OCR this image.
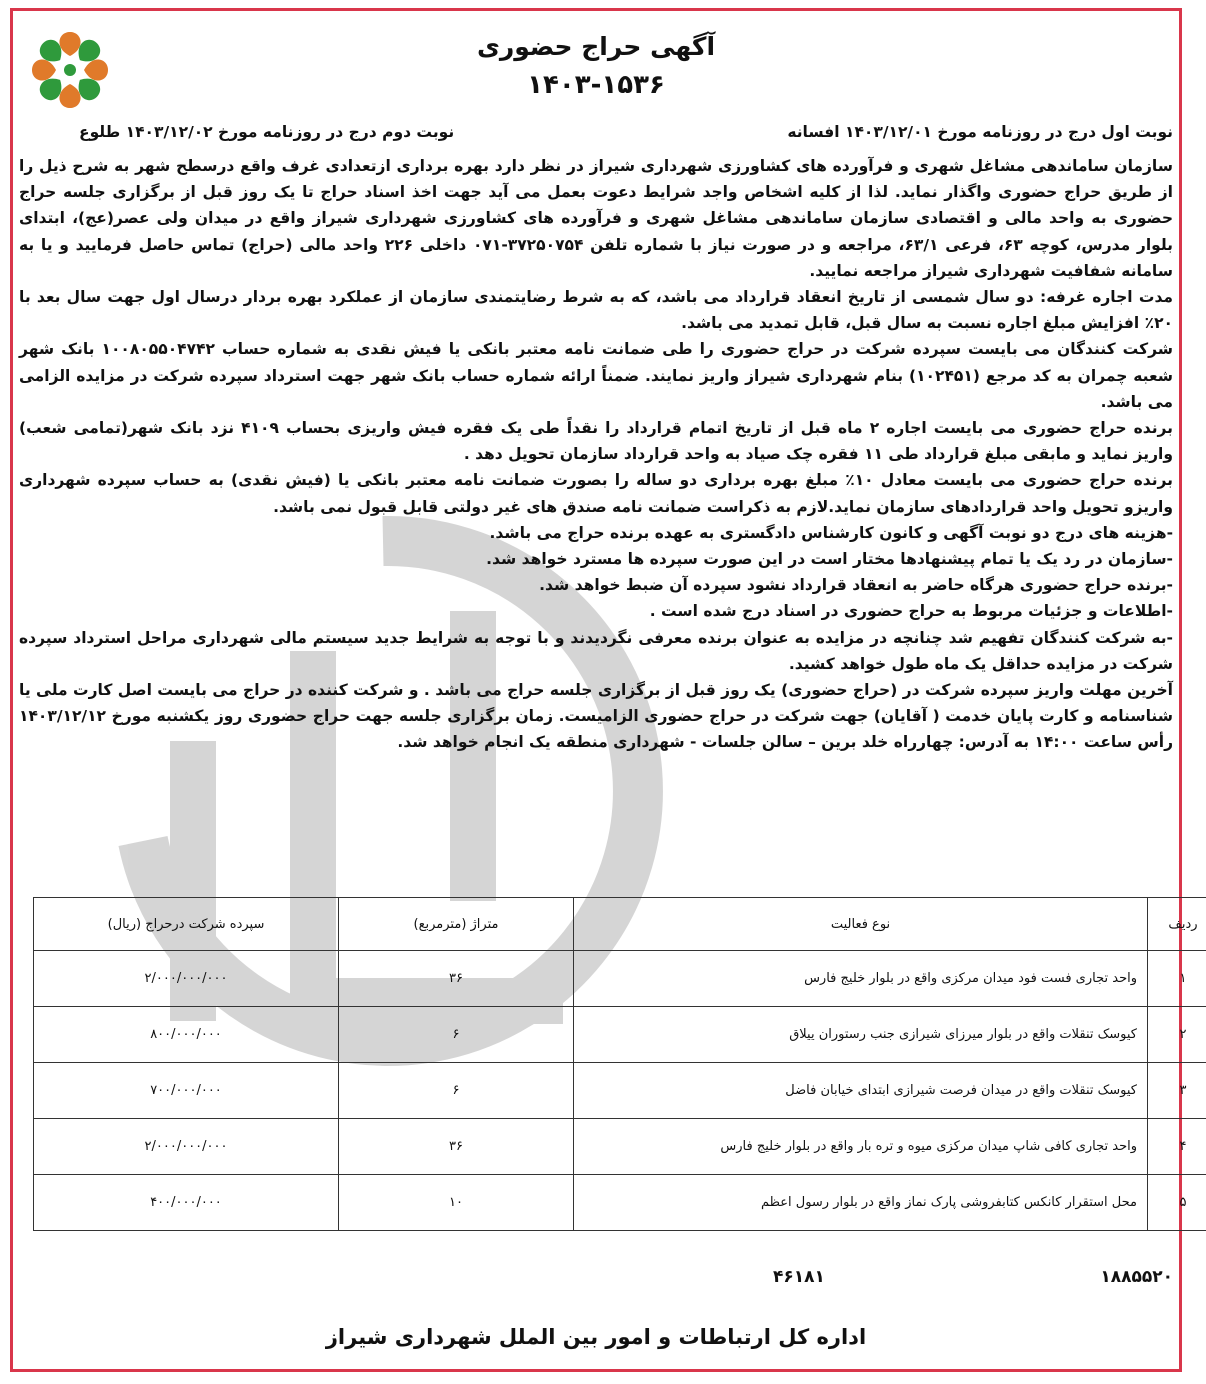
آگهی حراج حضوری
۱۴۰۳-۱۵۳۶
نوبت اول درج در روزنامه مورخ ۱۴۰۳/۱۲/۰۱ افسانه
نوبت دوم درج در روزنامه مورخ ۱۴۰۳/۱۲/۰۲ طلوع

سازمان ساماندهی مشاغل شهری و فرآورده های کشاورزی شهرداری شیراز در نظر دارد بهره برداری ازتعدادی غرف واقع درسطح شهر به شرح ذیل را از طریق حراج حضوری واگذار نماید. لذا از کلیه اشخاص واجد شرایط دعوت بعمل می آید جهت اخذ اسناد حراج تا یک روز قبل از برگزاری جلسه حراج حضوری به واحد مالی و اقتصادی سازمان ساماندهی مشاغل شهری و فرآورده های کشاورزی شهرداری شیراز واقع در میدان ولی عصر(عج)، ابتدای بلوار مدرس، کوچه ۶۳، فرعی ۶۳/۱، مراجعه و در صورت نیاز با شماره تلفن ۳۷۲۵۰۷۵۴-۰۷۱ داخلی ۲۲۶ واحد مالی (حراج) تماس حاصل فرمایید و یا به سامانه شفافیت شهرداری شیراز مراجعه نمایید.

مدت اجاره غرفه: دو سال شمسی از تاریخ انعقاد قرارداد می باشد، که به شرط رضایتمندی سازمان از عملکرد بهره بردار درسال اول جهت سال بعد با ۲۰٪ افزایش مبلغ اجاره نسبت به سال قبل، قابل تمدید می باشد.

شرکت کنندگان می بایست سپرده شرکت در حراج حضوری را طی ضمانت نامه معتبر بانکی یا فیش نقدی به شماره حساب ۱۰۰۸۰۵۵۰۴۷۴۲ بانک شهر شعبه چمران به کد مرجع (۱۰۲۴۵۱) بنام شهرداری شیراز واریز نمایند. ضمناً ارائه شماره حساب بانک شهر جهت استرداد سپرده شرکت در مزایده الزامی می باشد.

برنده حراج حضوری می بایست اجاره ۲ ماه قبل از تاریخ اتمام قرارداد را نقداً طی یک فقره فیش واریزی بحساب ۴۱۰۹ نزد بانک شهر(تمامی شعب) واریز نماید و مابقی مبلغ قرارداد طی ۱۱ فقره چک صیاد به واحد قرارداد سازمان تحویل دهد .

برنده حراج حضوری می بایست معادل ۱۰٪ مبلغ بهره برداری دو ساله را بصورت ضمانت نامه معتبر بانکی یا (فیش نقدی) به حساب سپرده شهرداری واریزو تحویل واحد قراردادهای سازمان نماید.لازم به ذکراست ضمانت نامه صندق های غیر دولتی قابل قبول نمی باشد.

-هزینه های درج دو نوبت آگهی و کانون کارشناس دادگستری به عهده برنده حراج می باشد.

-سازمان در رد یک یا تمام پیشنهادها مختار است در این صورت سپرده ها مسترد خواهد شد.

-برنده حراج حضوری هرگاه حاضر به انعقاد قرارداد نشود سپرده آن ضبط خواهد شد.

-اطلاعات و جزئیات مربوط به حراج حضوری در اسناد درج شده است .

-به شرکت کنندگان تفهیم شد چنانچه در مزایده به عنوان برنده معرفی نگردیدند و با توجه به شرایط جدید سیستم مالی شهرداری مراحل استرداد سپرده شرکت در مزایده حداقل یک ماه طول خواهد کشید.

آخرین مهلت واریز سپرده شرکت در (حراج حضوری) یک روز قبل از برگزاری جلسه حراج می باشد . و شرکت کننده در حراج می بایست اصل کارت ملی یا شناسنامه و کارت پایان خدمت ( آقایان) جهت شرکت در حراج حضوری الزامیست. زمان برگزاری جلسه جهت حراج حضوری روز یکشنبه مورخ ۱۴۰۳/۱۲/۱۲ رأس ساعت ۱۴:۰۰ به آدرس: چهارراه خلد برین – سالن جلسات - شهرداری منطقه یک انجام خواهد شد.

ردیف	نوع فعالیت	متراژ (مترمربع)	سپرده شرکت درحراج (ریال)
۱	واحد تجاری فست فود میدان مرکزی واقع در بلوار خلیج فارس	۳۶	۲/۰۰۰/۰۰۰/۰۰۰
۲	کیوسک تنقلات واقع در بلوار میرزای شیرازی جنب رستوران ییلاق	۶	۸۰۰/۰۰۰/۰۰۰
۳	کیوسک تنقلات واقع در میدان فرصت شیرازی ابتدای خیابان فاضل	۶	۷۰۰/۰۰۰/۰۰۰
۴	واحد تجاری کافی شاپ میدان مرکزی میوه و تره بار واقع در بلوار خلیج فارس	۳۶	۲/۰۰۰/۰۰۰/۰۰۰
۵	محل استقرار کانکس کتابفروشی پارک نماز واقع در بلوار رسول اعظم	۱۰	۴۰۰/۰۰۰/۰۰۰
۱۸۸۵۵۲۰
۴۶۱۸۱
اداره کل ارتباطات و امور بین الملل شهرداری شیراز
